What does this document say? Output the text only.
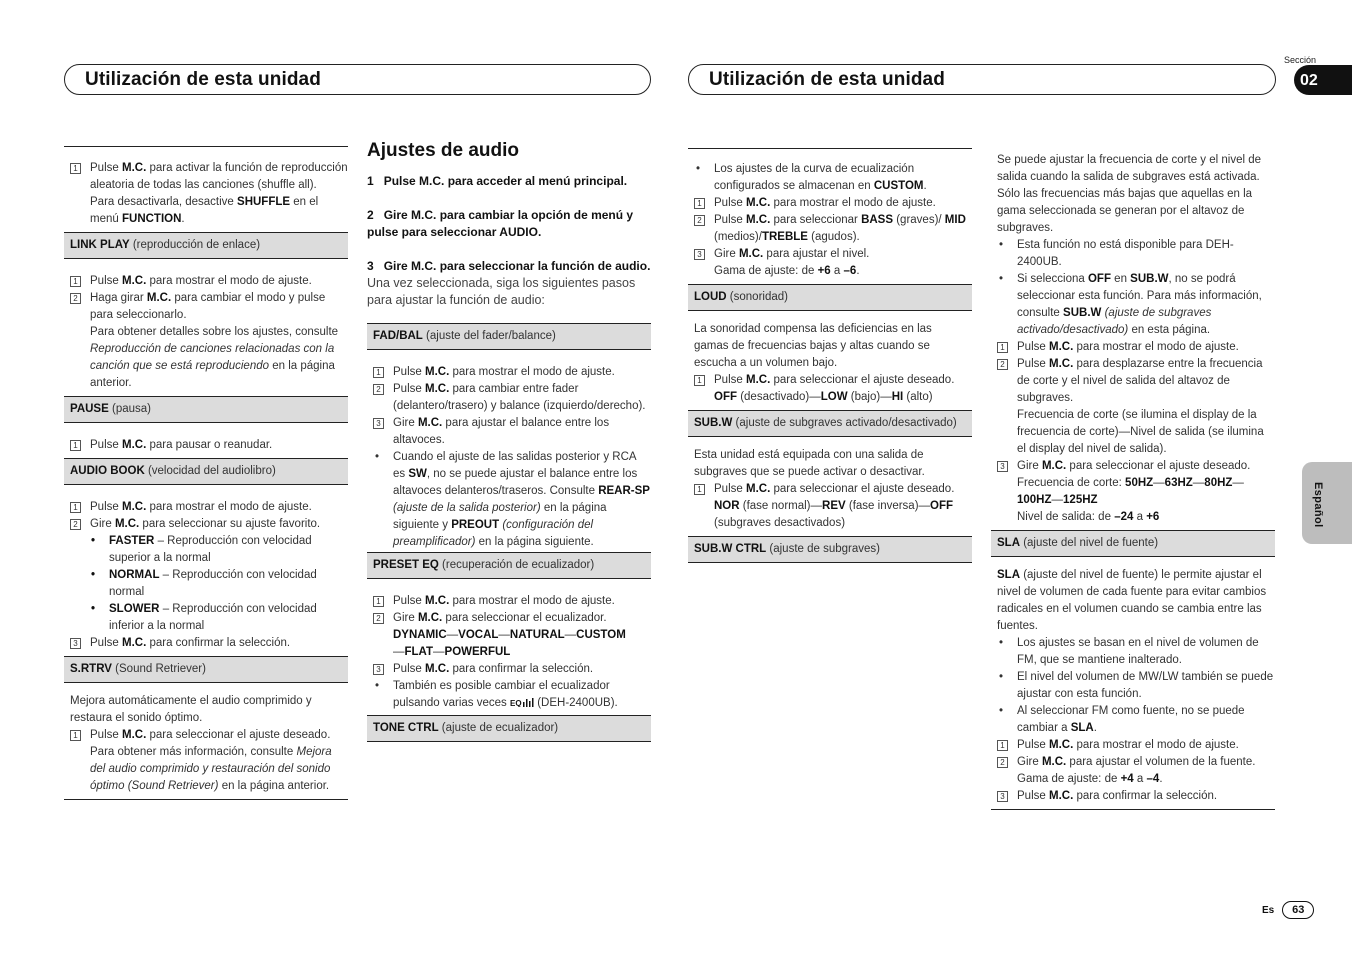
Utilización de esta unidad	Utilización de esta unidad
Sección
02
Español
Es	63
1 Pulse M.C. para activar la función de reproducción aleatoria de todas las canciones (shuffle all).
Para desactivarla, desactive SHUFFLE en el menú FUNCTION.
LINK PLAY (reproducción de enlace)
1 Pulse M.C. para mostrar el modo de ajuste.
2 Haga girar M.C. para cambiar el modo y pulse para seleccionarlo.
Para obtener detalles sobre los ajustes, consulte Reproducción de canciones relacionadas con la canción que se está reproduciendo en la página anterior.
PAUSE (pausa)
1 Pulse M.C. para pausar o reanudar.
AUDIO BOOK (velocidad del audiolibro)
1 Pulse M.C. para mostrar el modo de ajuste.
2 Gire M.C. para seleccionar su ajuste favorito.
• FASTER – Reproducción con velocidad superior a la normal
• NORMAL – Reproducción con velocidad normal
• SLOWER – Reproducción con velocidad inferior a la normal
3 Pulse M.C. para confirmar la selección.
S.RTRV (Sound Retriever)
Mejora automáticamente el audio comprimido y restaura el sonido óptimo.
1 Pulse M.C. para seleccionar el ajuste deseado.
Para obtener más información, consulte Mejora del audio comprimido y restauración del sonido óptimo (Sound Retriever) en la página anterior.
Ajustes de audio
1 Pulse M.C. para acceder al menú principal.
2 Gire M.C. para cambiar la opción de menú y pulse para seleccionar AUDIO.
3 Gire M.C. para seleccionar la función de audio.
Una vez seleccionada, siga los siguientes pasos para ajustar la función de audio:
FAD/BAL (ajuste del fader/balance)
1 Pulse M.C. para mostrar el modo de ajuste.
2 Pulse M.C. para cambiar entre fader (delantero/trasero) y balance (izquierdo/derecho).
3 Gire M.C. para ajustar el balance entre los altavoces.
• Cuando el ajuste de las salidas posterior y RCA es SW, no se puede ajustar el balance entre los altavoces delanteros/traseros. Consulte REAR-SP (ajuste de la salida posterior) en la página siguiente y PREOUT (configuración del preamplificador) en la página siguiente.
PRESET EQ (recuperación de ecualizador)
1 Pulse M.C. para mostrar el modo de ajuste.
2 Gire M.C. para seleccionar el ecualizador.
DYNAMIC—VOCAL—NATURAL—CUSTOM
—FLAT—POWERFUL
3 Pulse M.C. para confirmar la selección.
• También es posible cambiar el ecualizador pulsando varias veces EQ (DEH-2400UB).
TONE CTRL (ajuste de ecualizador)
• Los ajustes de la curva de ecualización configurados se almacenan en CUSTOM.
1 Pulse M.C. para mostrar el modo de ajuste.
2 Pulse M.C. para seleccionar BASS (graves)/ MID (medios)/TREBLE (agudos).
3 Gire M.C. para ajustar el nivel.
Gama de ajuste: de +6 a –6.
LOUD (sonoridad)
La sonoridad compensa las deficiencias en las gamas de frecuencias bajas y altas cuando se escucha a un volumen bajo.
1 Pulse M.C. para seleccionar el ajuste deseado.
OFF (desactivado)—LOW (bajo)—HI (alto)
SUB.W (ajuste de subgraves activado/desactivado)
Esta unidad está equipada con una salida de subgraves que se puede activar o desactivar.
1 Pulse M.C. para seleccionar el ajuste deseado.
NOR (fase normal)—REV (fase inversa)—OFF
(subgraves desactivados)
SUB.W CTRL (ajuste de subgraves)
Se puede ajustar la frecuencia de corte y el nivel de salida cuando la salida de subgraves está activada.
Sólo las frecuencias más bajas que aquellas en la gama seleccionada se generan por el altavoz de subgraves.
• Esta función no está disponible para DEH-2400UB.
• Si selecciona OFF en SUB.W, no se podrá seleccionar esta función. Para más información, consulte SUB.W (ajuste de subgraves activado/desactivado) en esta página.
1 Pulse M.C. para mostrar el modo de ajuste.
2 Pulse M.C. para desplazarse entre la frecuencia de corte y el nivel de salida del altavoz de subgraves.
Frecuencia de corte (se ilumina el display de la frecuencia de corte)—Nivel de salida (se ilumina el display del nivel de salida).
3 Gire M.C. para seleccionar el ajuste deseado.
Frecuencia de corte: 50HZ—63HZ—80HZ—
100HZ—125HZ
Nivel de salida: de –24 a +6
SLA (ajuste del nivel de fuente)
SLA (ajuste del nivel de fuente) le permite ajustar el nivel de volumen de cada fuente para evitar cambios radicales en el volumen cuando se cambia entre las fuentes.
• Los ajustes se basan en el nivel de volumen de FM, que se mantiene inalterado.
• El nivel del volumen de MW/LW también se puede ajustar con esta función.
• Al seleccionar FM como fuente, no se puede cambiar a SLA.
1 Pulse M.C. para mostrar el modo de ajuste.
2 Gire M.C. para ajustar el volumen de la fuente.
Gama de ajuste: de +4 a –4.
3 Pulse M.C. para confirmar la selección.
